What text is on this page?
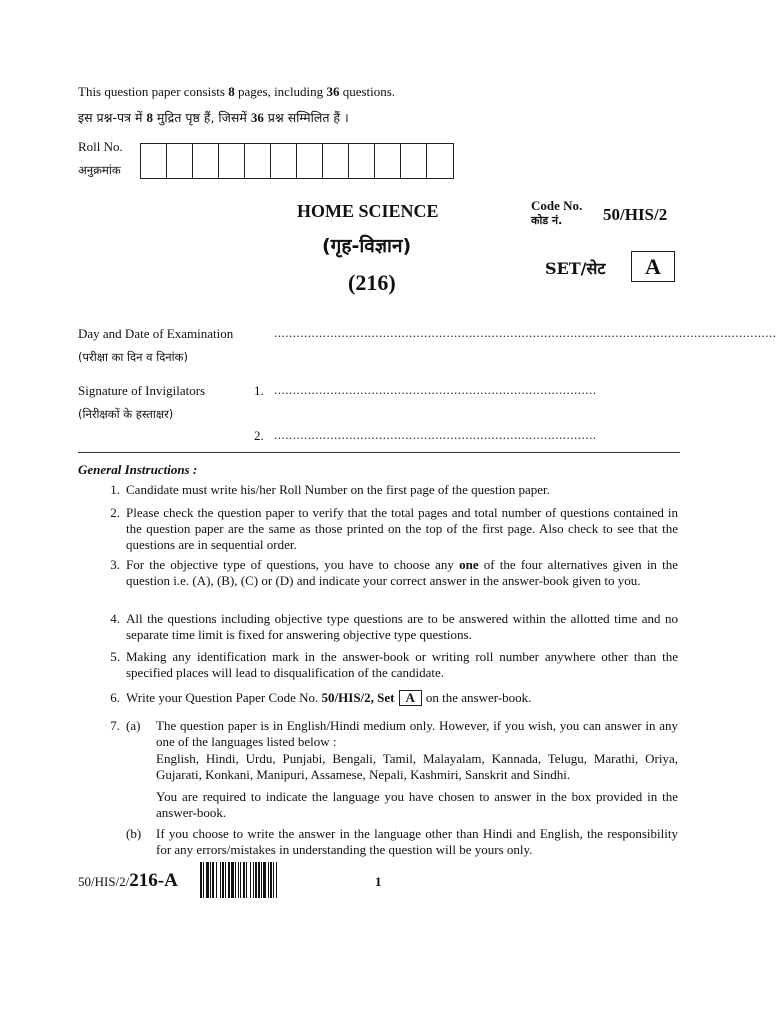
This question paper consists 8 pages, including 36 questions.
इस प्रश्न-पत्र में 8 मुद्रित पृष्ठ हैं, जिसमें 36 प्रश्न सम्मिलित हैं ।
Roll No.
अनुक्रमांक
HOME SCIENCE
(गृह-विज्ञान)
(216)
Code No.
कोड नं. 50/HIS/2
SET/सेट	A
Day and Date of Examination	......................................................................................................................................
(परीक्षा का दिन व दिनांक)
Signature of Invigilators	1. ......................................................................................
(निरीक्षकों के हस्ताक्षर)
2. ......................................................................................
General Instructions :
1. Candidate must write his/her Roll Number on the first page of the question paper.
2. Please check the question paper to verify that the total pages and total number of questions contained in the question paper are the same as those printed on the top of the first page. Also check to see that the questions are in sequential order.
3. For the objective type of questions, you have to choose any one of the four alternatives given in the question i.e. (A), (B), (C) or (D) and indicate your correct answer in the answer-book given to you.
4. All the questions including objective type questions are to be answered within the allotted time and no separate time limit is fixed for answering objective type questions.
5. Making any identification mark in the answer-book or writing roll number anywhere other than the specified places will lead to disqualification of the candidate.
6. Write your Question Paper Code No. 50/HIS/2, Set A on the answer-book.
7. (a) The question paper is in English/Hindi medium only. However, if you wish, you can answer in any one of the languages listed below :
English, Hindi, Urdu, Punjabi, Bengali, Tamil, Malayalam, Kannada, Telugu, Marathi, Oriya, Gujarati, Konkani, Manipuri, Assamese, Nepali, Kashmiri, Sanskrit and Sindhi.
You are required to indicate the language you have chosen to answer in the box provided in the answer-book.
(b) If you choose to write the answer in the language other than Hindi and English, the responsibility for any errors/mistakes in understanding the question will be yours only.
50/HIS/2/216-A	1
